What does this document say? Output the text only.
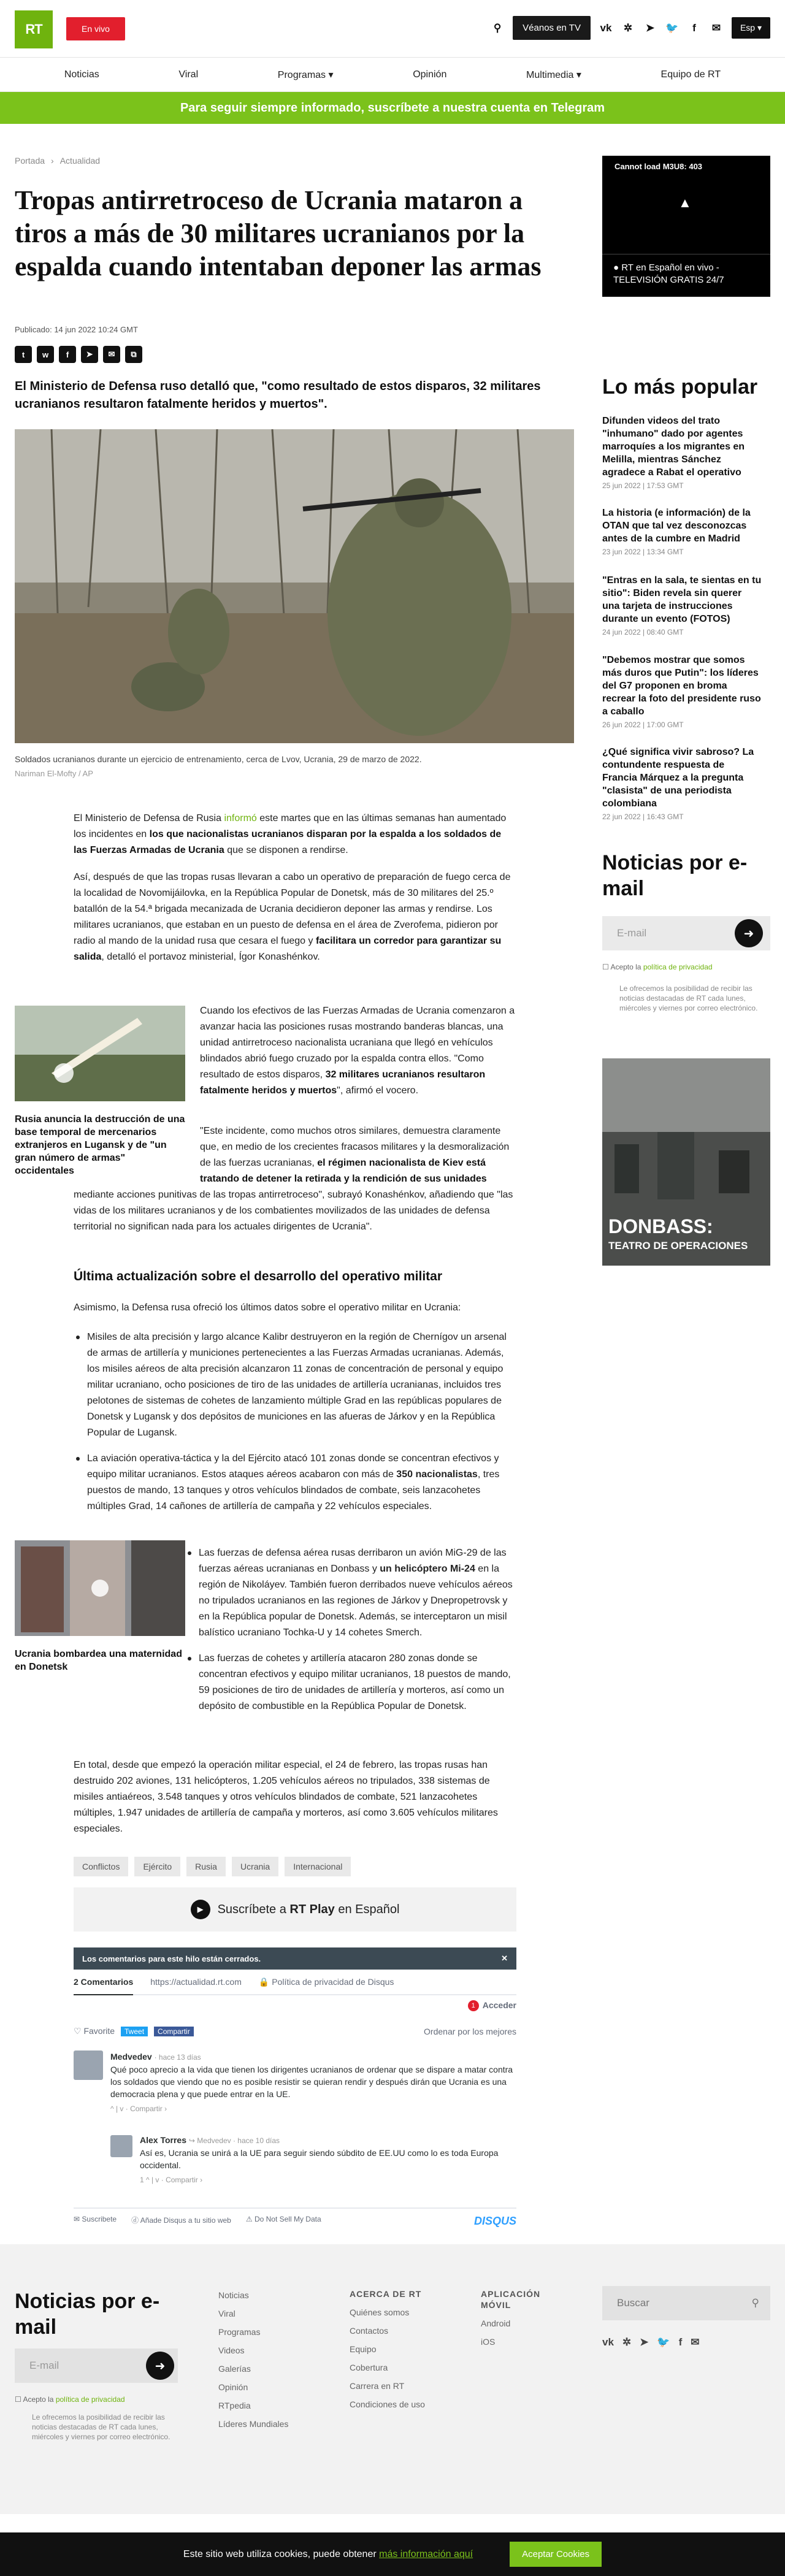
RT	En vivo	⚲	Véanos en TV	vk ✲ ➤ 🐦	f	✉	Esp ▾
Noticias	Viral	Programas ▾	Opinión	Multimedia ▾	Equipo de RT
Para seguir siempre informado, suscríbete a nuestra cuenta en Telegram
Portada › Actualidad
Tropas antirretroceso de Ucrania mataron a tiros a más de 30 militares ucranianos por la espalda cuando intentaban deponer las armas
Publicado: 14 jun 2022 10:24 GMT
t	w	f	➤	✉	⧉
El Ministerio de Defensa ruso detalló que, "como resultado de estos disparos, 32 militares ucranianos resultaron fatalmente heridos y muertos".
Soldados ucranianos durante un ejercicio de entrenamiento, cerca de Lvov, Ucrania, 29 de marzo de 2022.
Nariman El-Mofty / AP

El Ministerio de Defensa de Rusia informó este martes que en las últimas semanas han aumentado los incidentes en los que nacionalistas ucranianos disparan por la espalda a los soldados de las Fuerzas Armadas de Ucrania que se disponen a rendirse.

Así, después de que las tropas rusas llevaran a cabo un operativo de preparación de fuego cerca de la localidad de Novomijáilovka, en la República Popular de Donetsk, más de 30 militares del 25.º batallón de la 54.ª brigada mecanizada de Ucrania decidieron deponer las armas y rendirse. Los militares ucranianos, que estaban en un puesto de defensa en el área de Zverofema, pidieron por radio al mando de la unidad rusa que cesara el fuego y facilitara un corredor para garantizar su salida, detalló el portavoz ministerial, Ígor Konashénkov.

Rusia anuncia la destrucción de una base temporal de mercenarios extranjeros en Lugansk y de "un gran número de armas" occidentales

Cuando los efectivos de las Fuerzas Armadas de Ucrania comenzaron a avanzar hacia las posiciones rusas mostrando banderas blancas, una unidad antirretroceso nacionalista ucraniana que llegó en vehículos blindados abrió fuego cruzado por la espalda contra ellos. "Como resultado de estos disparos, 32 militares ucranianos resultaron fatalmente heridos y muertos", afirmó el vocero.

"Este incidente, como muchos otros similares, demuestra claramente que, en medio de los crecientes fracasos militares y la desmoralización de las fuerzas ucranianas, el régimen nacionalista de Kiev está tratando de detener la retirada y la rendición de sus unidades

mediante acciones punitivas de las tropas antirretroceso", subrayó Konashénkov, añadiendo que "las vidas de los militares ucranianos y de los combatientes movilizados de las unidades de defensa territorial no significan nada para los actuales dirigentes de Ucrania".

Última actualización sobre el desarrollo del operativo militar

Asimismo, la Defensa rusa ofreció los últimos datos sobre el operativo militar en Ucrania:

Misiles de alta precisión y largo alcance Kalibr destruyeron en la región de Chernígov un arsenal de armas de artillería y municiones pertenecientes a las Fuerzas Armadas ucranianas. Además, los misiles aéreos de alta precisión alcanzaron 11 zonas de concentración de personal y equipo militar ucraniano, ocho posiciones de tiro de las unidades de artillería ucranianas, incluidos tres pelotones de sistemas de cohetes de lanzamiento múltiple Grad en las repúblicas populares de Donetsk y Lugansk y dos depósitos de municiones en las afueras de Járkov y en la República Popular de Lugansk.
La aviación operativa-táctica y la del Ejército atacó 101 zonas donde se concentran efectivos y equipo militar ucranianos. Estos ataques aéreos acabaron con más de 350 nacionalistas, tres puestos de mando, 13 tanques y otros vehículos blindados de combate, seis lanzacohetes múltiples Grad, 14 cañones de artillería de campaña y 22 vehículos especiales.
Ucrania bombardea una maternidad en Donetsk
Las fuerzas de defensa aérea rusas derribaron un avión MiG-29 de las fuerzas aéreas ucranianas en Donbass y un helicóptero Mi-24 en la región de Nikoláyev. También fueron derribados nueve vehículos aéreos no tripulados ucranianos en las regiones de Járkov y Dnepropetrovsk y en la República popular de Donetsk. Además, se interceptaron un misil balístico ucraniano Tochka-U y 14 cohetes Smerch.
Las fuerzas de cohetes y artillería atacaron 280 zonas donde se concentran efectivos y equipo militar ucranianos, 18 puestos de mando, 59 posiciones de tiro de unidades de artillería y morteros, así como un depósito de combustible en la República Popular de Donetsk.

En total, desde que empezó la operación militar especial, el 24 de febrero, las tropas rusas han destruido 202 aviones, 131 helicópteros, 1.205 vehículos aéreos no tripulados, 338 sistemas de misiles antiaéreos, 3.548 tanques y otros vehículos blindados de combate, 521 lanzacohetes múltiples, 1.947 unidades de artillería de campaña y morteros, así como 3.605 vehículos militares especiales.

Conflictos	Ejército	Rusia	Ucrania	Internacional
▶	Suscríbete a RT Play en Español
Los comentarios para este hilo están cerrados.	✕
2 Comentarios https://actualidad.rt.com 🔒 Política de privacidad de Disqus
1 Acceder
♡ Favorite	Tweet	Compartir	Ordenar por los mejores
Medvedev · hace 13 días
Qué poco aprecio a la vida que tienen los dirigentes ucranianos de ordenar que se dispare a matar contra los soldados que viendo que no es posible resistir se quieran rendir y después dirán que Ucrania es una democracia plena y que puede entrar en la UE.
^ | v · Compartir ›
Alex Torres ↪ Medvedev · hace 10 días
Así es, Ucrania se unirá a la UE para seguir siendo súbdito de EE.UU como lo es toda Europa occidental.
1 ^ | v · Compartir ›
✉ Suscribete ⓓ Añade Disqus a tu sitio web ⚠ Do Not Sell My Data	DISQUS
Cannot load M3U8: 403
▲
● RT en Español en vivo - TELEVISIÓN GRATIS 24/7
Lo más popular
Difunden videos del trato "inhumano" dado por agentes marroquíes a los migrantes en Melilla, mientras Sánchez agradece a Rabat el operativo
25 jun 2022 | 17:53 GMT
La historia (e información) de la OTAN que tal vez desconozcas antes de la cumbre en Madrid
23 jun 2022 | 13:34 GMT
"Entras en la sala, te sientas en tu sitio": Biden revela sin querer una tarjeta de instrucciones durante un evento (FOTOS)
24 jun 2022 | 08:40 GMT
"Debemos mostrar que somos más duros que Putin": los líderes del G7 proponen en broma recrear la foto del presidente ruso a caballo
26 jun 2022 | 17:00 GMT
¿Qué significa vivir sabroso? La contundente respuesta de Francia Márquez a la pregunta "clasista" de una periodista colombiana
22 jun 2022 | 16:43 GMT
Noticias por e-mail
E-mail	➜
☐ Acepto la política de privacidad
Le ofrecemos la posibilidad de recibir las noticias destacadas de RT cada lunes, miércoles y viernes por correo electrónico.
DONBASS:
TEATRO DE OPERACIONES
Noticias por e-mail
E-mail	➜
☐ Acepto la política de privacidad
Le ofrecemos la posibilidad de recibir las noticias destacadas de RT cada lunes, miércoles y viernes por correo electrónico.
Noticias
Viral
Programas
Videos
Galerías
Opinión
RTpedia
Líderes Mundiales
ACERCA DE RT
Quiénes somos
Contactos
Equipo
Cobertura
Carrera en RT
Condiciones de uso
APLICACIÓN MÓVIL
Android
iOS
Buscar	⚲
vk ✲ ➤ 🐦 f ✉
Este sitio web utiliza cookies, puede obtener más información aquí	Aceptar Cookies
